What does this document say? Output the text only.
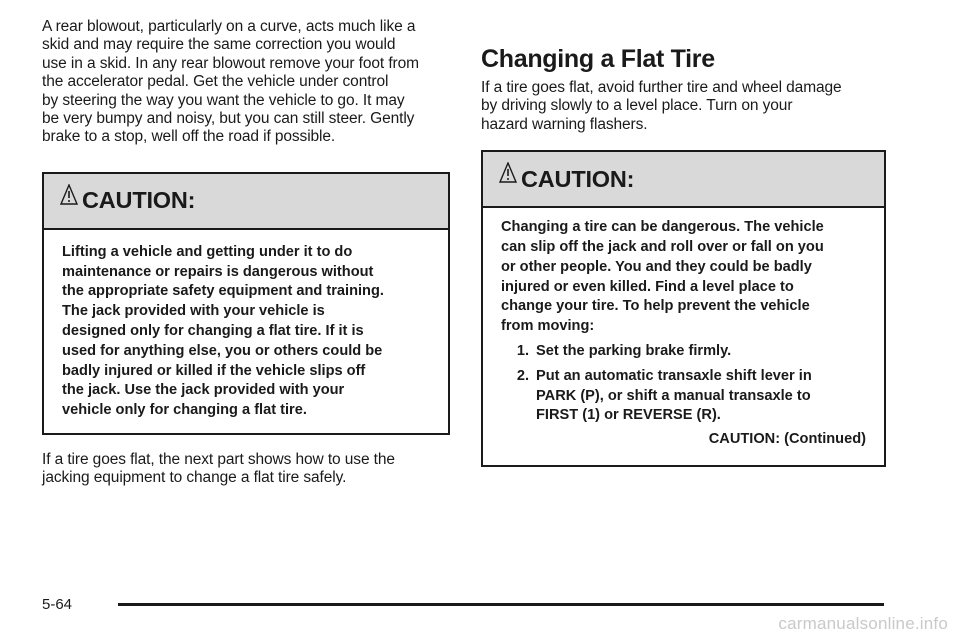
A rear blowout, particularly on a curve, acts much like a
skid and may require the same correction you would
use in a skid. In any rear blowout remove your foot from
the accelerator pedal. Get the vehicle under control
by steering the way you want the vehicle to go. It may
be very bumpy and noisy, but you can still steer. Gently
brake to a stop, well off the road if possible.

CAUTION:
Lifting a vehicle and getting under it to do
maintenance or repairs is dangerous without
the appropriate safety equipment and training.
The jack provided with your vehicle is
designed only for changing a flat tire. If it is
used for anything else, you or others could be
badly injured or killed if the vehicle slips off
the jack. Use the jack provided with your
vehicle only for changing a flat tire.

If a tire goes flat, the next part shows how to use the
jacking equipment to change a flat tire safely.

Changing a Flat Tire

If a tire goes flat, avoid further tire and wheel damage
by driving slowly to a level place. Turn on your
hazard warning flashers.

CAUTION:
Changing a tire can be dangerous. The vehicle
can slip off the jack and roll over or fall on you
or other people. You and they could be badly
injured or even killed. Find a level place to
change your tire. To help prevent the vehicle
from moving:
1. Set the parking brake firmly.
2. Put an automatic transaxle shift lever in
PARK (P), or shift a manual transaxle to
FIRST (1) or REVERSE (R).
CAUTION: (Continued)
5-64
carmanualsonline.info
